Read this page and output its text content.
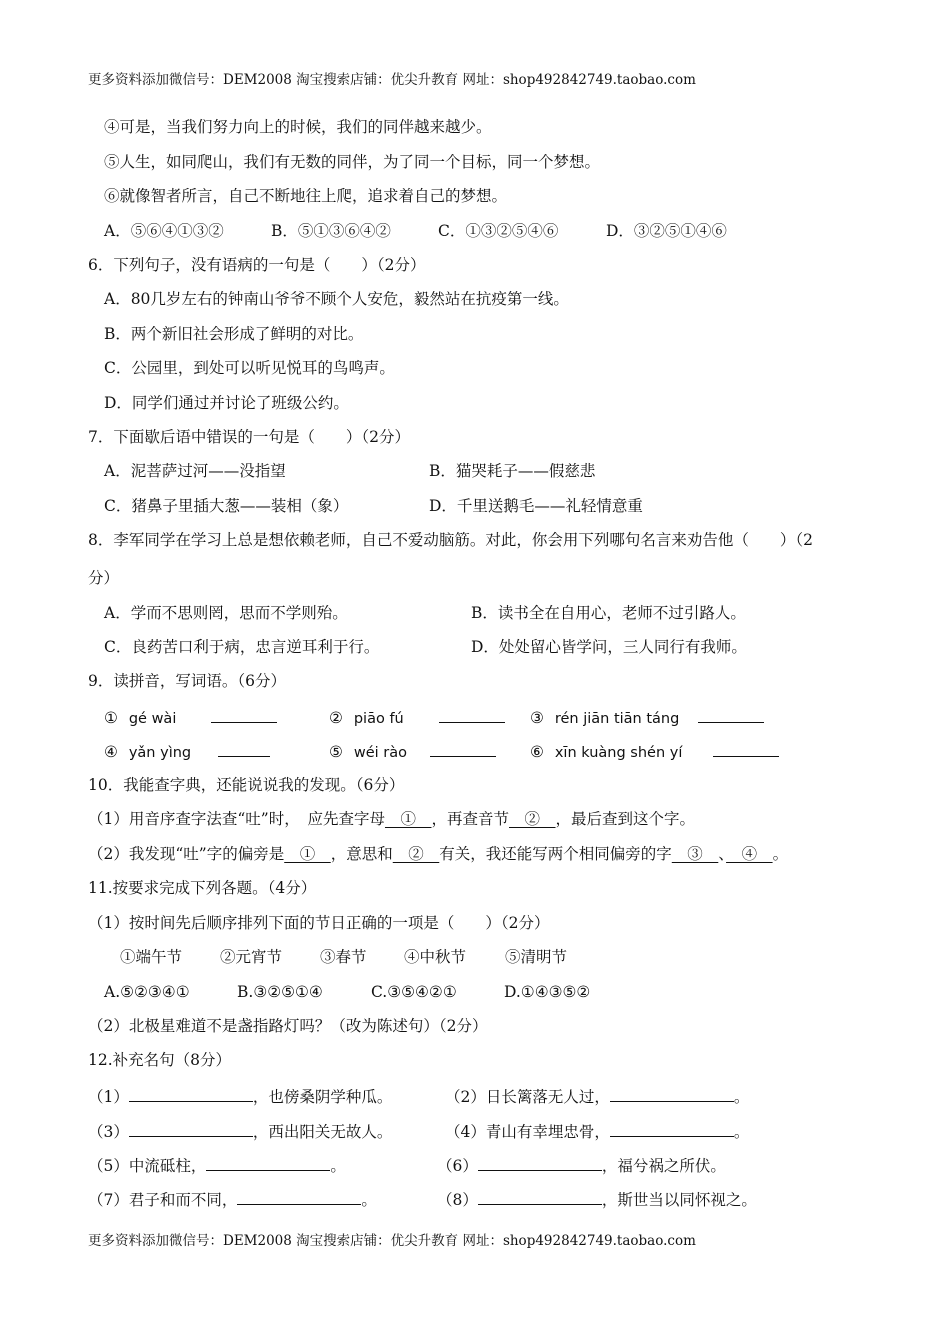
更多资料添加微信号：DEM2008 淘宝搜索店铺：优尖升教育 网址：shop492842749.taobao.com
④可是，当我们努力向上的时候，我们的同伴越来越少。
⑤人生，如同爬山，我们有无数的同伴，为了同一个目标，同一个梦想。
⑥就像智者所言，自己不断地往上爬，追求着自己的梦想。
A．⑤⑥④①③②	B．⑤①③⑥④②	C．①③②⑤④⑥	D．③②⑤①④⑥
6．下列句子，没有语病的一句是（　　）（2分）
A．80几岁左右的钟南山爷爷不顾个人安危，毅然站在抗疫第一线。
B．两个新旧社会形成了鲜明的对比。
C．公园里，到处可以听见悦耳的鸟鸣声。
D．同学们通过并讨论了班级公约。
7．下面歇后语中错误的一句是（　　）（2分）
A．泥菩萨过河——没指望	B．猫哭耗子——假慈悲
C．猪鼻子里插大葱——装相（象）	D．千里送鹅毛——礼轻情意重
8．李军同学在学习上总是想依赖老师，自己不爱动脑筋。对此，你会用下列哪句名言来劝告他（　　）（2
分）
A．学而不思则罔，思而不学则殆。	B．读书全在自用心，老师不过引路人。
C．良药苦口利于病，忠言逆耳利于行。	D．处处留心皆学问，三人同行有我师。
9．读拼音，写词语。（6分）
① gé wài	② piāo fú	③ rén jiān tiān táng
④ yǎn yìng	⑤ wéi rào	⑥ xīn kuàng shén yí
10．我能查字典，还能说说我的发现。（6分）
（1）用音序查字法查“吐”时，　应先查字母　①　，再查音节　②　，最后查到这个字。
（2）我发现“吐”字的偏旁是　①　，意思和　②　有关，我还能写两个相同偏旁的字　③　、　④　。
11.按要求完成下列各题。（4分）
（1）按时间先后顺序排列下面的节日正确的一项是（　　）（2分）
①端午节 ②元宵节 ③春节 ④中秋节	⑤清明节
A.⑤②③④①	B.③②⑤①④	C.③⑤④②①	D.①④③⑤②
（2）北极星难道不是盏指路灯吗？（改为陈述句）（2分）
12.补充名句（8分）
（1）	，也傍桑阴学种瓜。	（2）日长篱落无人过，	。
（3）	，西出阳关无故人。	（4）青山有幸埋忠骨，	。
（5）中流砥柱，	。	（6）	，福兮祸之所伏。
（7）君子和而不同，	。	（8）	，斯世当以同怀视之。
更多资料添加微信号：DEM2008 淘宝搜索店铺：优尖升教育 网址：shop492842749.taobao.com
